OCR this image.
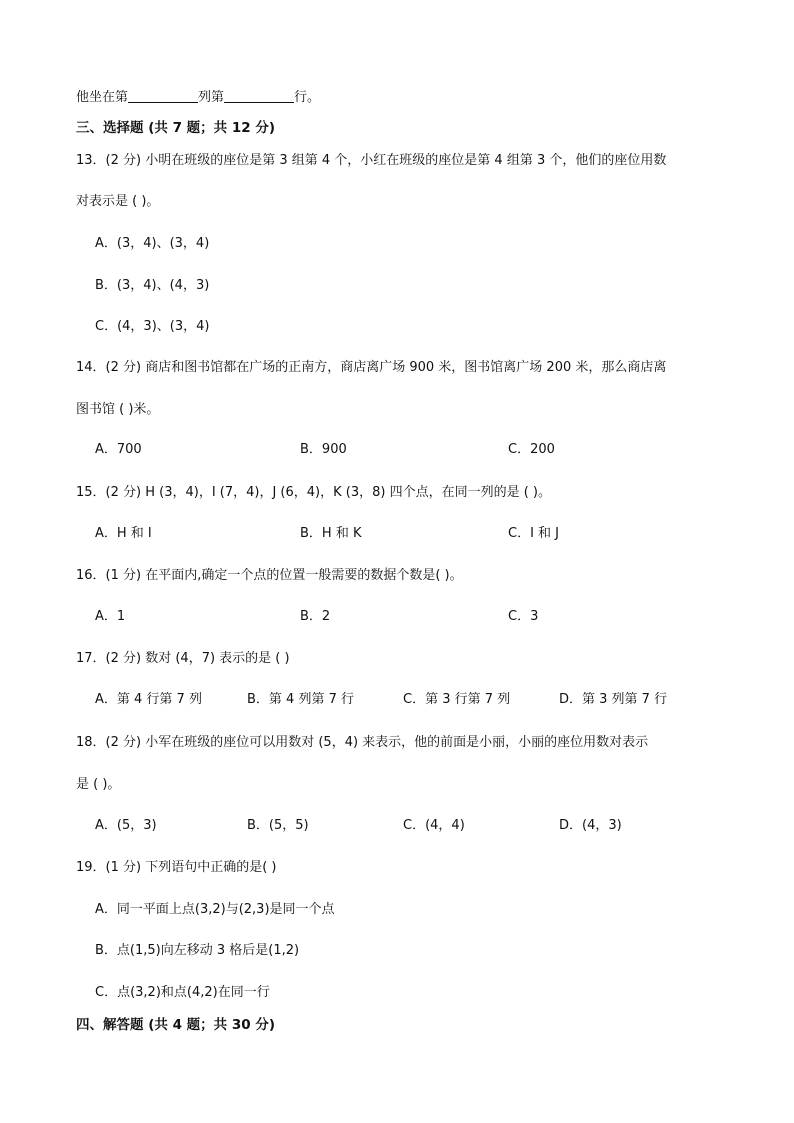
他坐在第	列第	行。
三、选择题 (共 7 题；共 12 分)
13．(2 分) 小明在班级的座位是第 3 组第 4 个，小红在班级的座位是第 4 组第 3 个，他们的座位用数
对表示是 ( )。
A．(3，4)、(3，4)
B．(3，4)、(4，3)
C．(4，3)、(3，4)
14．(2 分) 商店和图书馆都在广场的正南方，商店离广场 900 米，图书馆离广场 200 米，那么商店离
图书馆 ( )米。
A．700	B．900	C．200
15．(2 分) H (3，4)，I (7，4)，J (6，4)，K (3，8) 四个点，在同一列的是 ( )。
A．H 和 I	B．H 和 K	C．I 和 J
16．(1 分) 在平面内,确定一个点的位置一般需要的数据个数是( )。
A．1	B．2	C．3
17．(2 分) 数对 (4，7) 表示的是 ( )
A．第 4 行第 7 列	B．第 4 列第 7 行	C．第 3 行第 7 列	D．第 3 列第 7 行
18．(2 分) 小军在班级的座位可以用数对 (5，4) 来表示，他的前面是小丽，小丽的座位用数对表示
是 ( )。
A．(5，3)	B．(5，5)	C．(4，4)	D．(4，3)
19．(1 分) 下列语句中正确的是( )
A．同一平面上点(3,2)与(2,3)是同一个点
B．点(1,5)向左移动 3 格后是(1,2)
C．点(3,2)和点(4,2)在同一行
四、解答题 (共 4 题；共 30 分)
